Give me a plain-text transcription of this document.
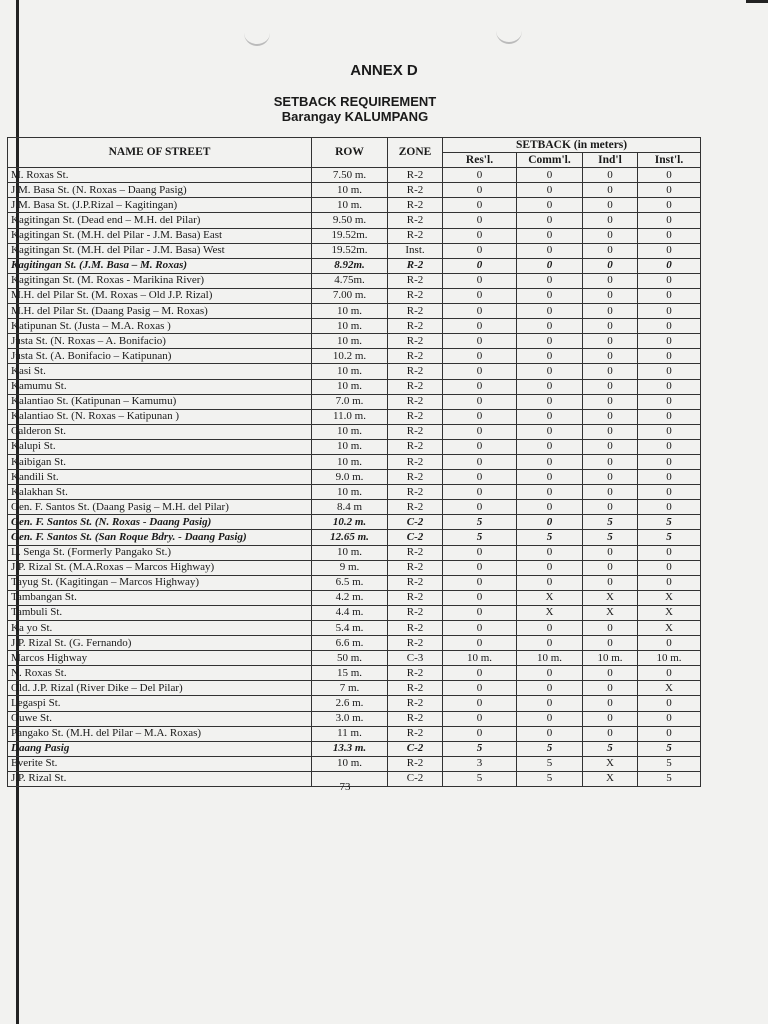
ANNEX D
SETBACK REQUIREMENT
Barangay KALUMPANG
NAME OF STREET	ROW	ZONE	SETBACK (in meters)			
			Res'l.	Comm'l.	Ind'l	Inst'l.
M. Roxas St.	7.50 m.	R-2	0	0	0	0
J.M. Basa St. (N. Roxas – Daang Pasig)	10 m.	R-2	0	0	0	0
J.M. Basa St. (J.P.Rizal – Kagitingan)	10 m.	R-2	0	0	0	0
Kagitingan St. (Dead end – M.H. del Pilar)	9.50 m.	R-2	0	0	0	0
Kagitingan St. (M.H. del Pilar - J.M. Basa) East	19.52m.	R-2	0	0	0	0
Kagitingan St. (M.H. del Pilar - J.M. Basa) West	19.52m.	Inst.	0	0	0	0
Kagitingan St. (J.M. Basa – M. Roxas)	8.92m.	R-2	0	0	0	0
Kagitingan St. (M. Roxas - Marikina River)	4.75m.	R-2	0	0	0	0
M.H. del Pilar St. (M. Roxas – Old J.P. Rizal)	7.00 m.	R-2	0	0	0	0
M.H. del Pilar St. (Daang Pasig – M. Roxas)	10 m.	R-2	0	0	0	0
Katipunan St. (Justa – M.A. Roxas )	10 m.	R-2	0	0	0	0
Justa St. (N. Roxas – A. Bonifacio)	10 m.	R-2	0	0	0	0
Justa St. (A. Bonifacio – Katipunan)	10.2 m.	R-2	0	0	0	0
Kasi St.	10 m.	R-2	0	0	0	0
Kamumu St.	10 m.	R-2	0	0	0	0
Kalantiao St. (Katipunan – Kamumu)	7.0 m.	R-2	0	0	0	0
Kalantiao St. (N. Roxas – Katipunan )	11.0 m.	R-2	0	0	0	0
Calderon St.	10 m.	R-2	0	0	0	0
Kalupi St.	10 m.	R-2	0	0	0	0
Kaibigan St.	10 m.	R-2	0	0	0	0
Kandili St.	9.0 m.	R-2	0	0	0	0
Kalakhan St.	10 m.	R-2	0	0	0	0
Gen. F. Santos St. (Daang Pasig – M.H. del Pilar)	8.4 m	R-2	0	0	0	0
Gen. F. Santos St. (N. Roxas - Daang Pasig)	10.2 m.	C-2	5	0	5	5
Gen. F. Santos St. (San Roque Bdry. - Daang Pasig)	12.65 m.	C-2	5	5	5	5
L. Senga St. (Formerly Pangako St.)	10 m.	R-2	0	0	0	0
J.P. Rizal St. (M.A.Roxas – Marcos Highway)	9 m.	R-2	0	0	0	0
Tayug St. (Kagitingan – Marcos Highway)	6.5 m.	R-2	0	0	0	0
Tambangan St.	4.2 m.	R-2	0	X	X	X
Tambuli St.	4.4 m.	R-2	0	X	X	X
Ka yo St.	5.4 m.	R-2	0	0	0	X
J.P. Rizal St. (G. Fernando)	6.6 m.	R-2	0	0	0	0
Marcos Highway	50 m.	C-3	10 m.	10 m.	10 m.	10 m.
N. Roxas St.	15 m.	R-2	0	0	0	0
Old. J.P. Rizal (River Dike – Del Pilar)	7 m.	R-2	0	0	0	X
Legaspi St.	2.6 m.	R-2	0	0	0	0
Guwe St.	3.0 m.	R-2	0	0	0	0
Pangako St. (M.H. del Pilar – M.A. Roxas)	11 m.	R-2	0	0	0	0
Daang Pasig	13.3 m.	C-2	5	5	5	5
Everite St.	10 m.	R-2	3	5	X	5
J.P. Rizal St.		C-2	5	5	X	5
73
